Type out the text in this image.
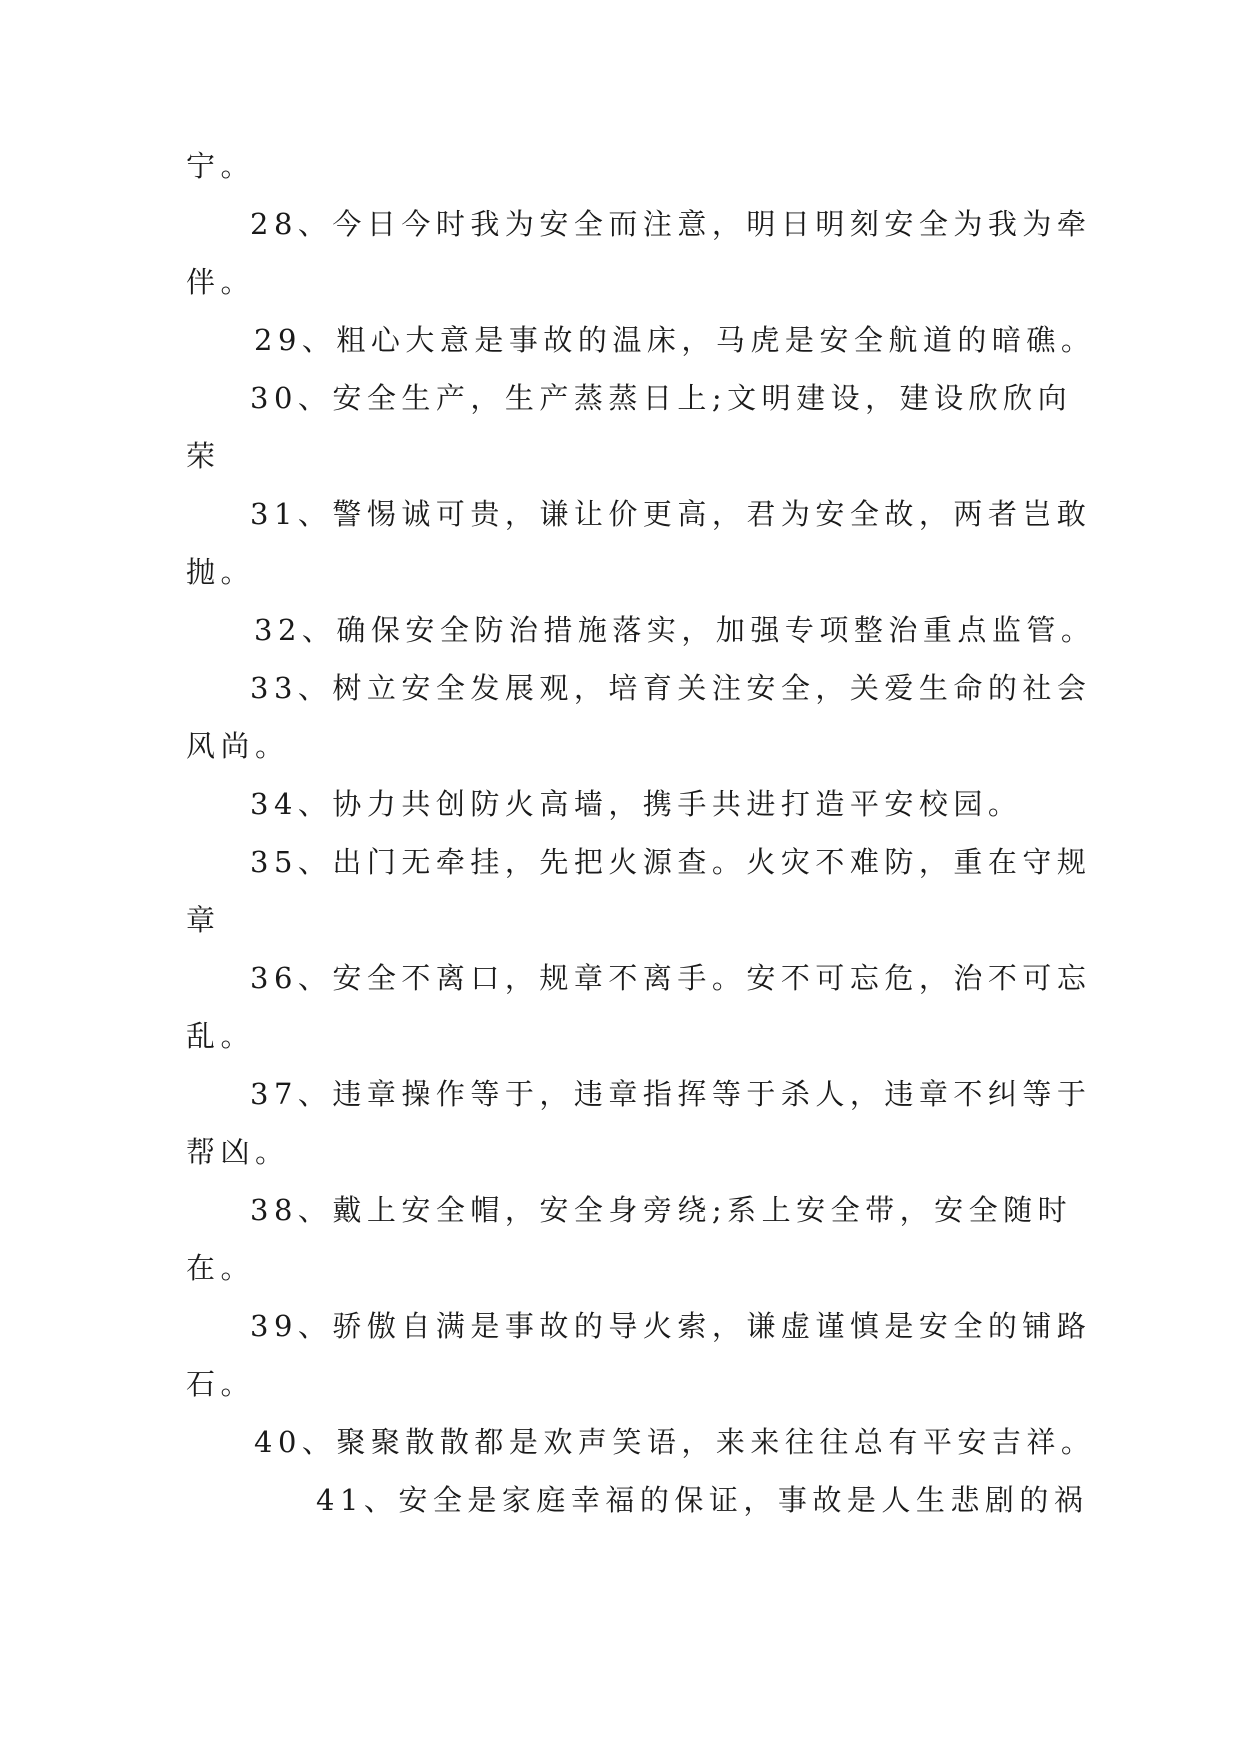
宁。
28、今日今时我为安全而注意，明日明刻安全为我为牵
伴。
29、粗心大意是事故的温床，马虎是安全航道的暗礁。
30、安全生产，生产蒸蒸日上;文明建设，建设欣欣向
荣
31、警惕诚可贵，谦让价更高，君为安全故，两者岂敢
抛。
32、确保安全防治措施落实，加强专项整治重点监管。
33、树立安全发展观，培育关注安全，关爱生命的社会
风尚。
34、协力共创防火高墙，携手共进打造平安校园。
35、出门无牵挂，先把火源查。火灾不难防，重在守规
章
36、安全不离口，规章不离手。安不可忘危，治不可忘
乱。
37、违章操作等于，违章指挥等于杀人，违章不纠等于
帮凶。
38、戴上安全帽，安全身旁绕;系上安全带，安全随时
在。
39、骄傲自满是事故的导火索，谦虚谨慎是安全的铺路
石。
40、聚聚散散都是欢声笑语，来来往往总有平安吉祥。
41、安全是家庭幸福的保证，事故是人生悲剧的祸
